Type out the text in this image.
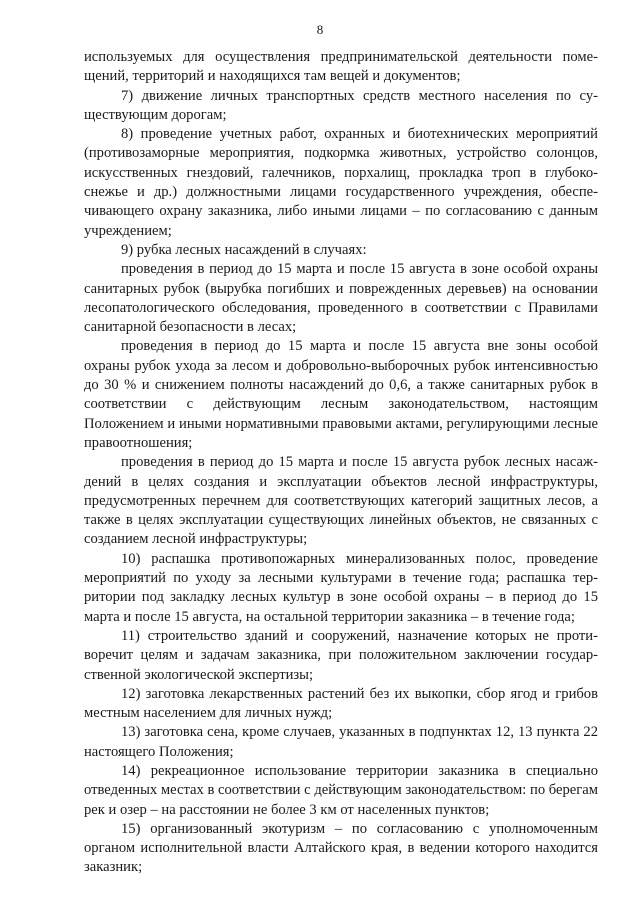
8

используемых для осуществления предпринимательской деятельности помещений, территорий и находящихся там вещей и документов;

7) движение личных транспортных средств местного населения по существующим дорогам;

8) проведение учетных работ, охранных и биотехнических мероприятий (противозаморные мероприятия, подкормка животных, устройство солонцов, искусственных гнездовий, галечников, порхалищ, прокладка троп в глубокоснежье и др.) должностными лицами государственного учреждения, обеспечивающего охрану заказника, либо иными лицами – по согласованию с данным учреждением;

9) рубка лесных насаждений в случаях:

проведения в период до 15 марта и после 15 августа в зоне особой охраны санитарных рубок (вырубка погибших и поврежденных деревьев) на основании лесопатологического обследования, проведенного в соответствии с Правилами санитарной безопасности в лесах;

проведения в период до 15 марта и после 15 августа вне зоны особой охраны рубок ухода за лесом и добровольно-выборочных рубок интенсивностью до 30 % и снижением полноты насаждений до 0,6, а также санитарных рубок в соответствии с действующим лесным законодательством, настоящим Положением и иными нормативными правовыми актами, регулирующими лесные правоотношения;

проведения в период до 15 марта и после 15 августа рубок лесных насаждений в целях создания и эксплуатации объектов лесной инфраструктуры, предусмотренных перечнем для соответствующих категорий защитных лесов, а также в целях эксплуатации существующих линейных объектов, не связанных с созданием лесной инфраструктуры;

10) распашка противопожарных минерализованных полос, проведение мероприятий по уходу за лесными культурами в течение года; распашка территории под закладку лесных культур в зоне особой охраны – в период до 15 марта и после 15 августа, на остальной территории заказника – в течение года;

11) строительство зданий и сооружений, назначение которых не противоречит целям и задачам заказника, при положительном заключении государственной экологической экспертизы;

12) заготовка лекарственных растений без их выкопки, сбор ягод и грибов местным населением для личных нужд;

13) заготовка сена, кроме случаев, указанных в подпунктах 12, 13 пункта 22 настоящего Положения;

14) рекреационное использование территории заказника в специально отведенных местах в соответствии с действующим законодательством: по берегам рек и озер – на расстоянии не более 3 км от населенных пунктов;

15) организованный экотуризм – по согласованию с уполномоченным органом исполнительной власти Алтайского края, в ведении которого находится заказник;
